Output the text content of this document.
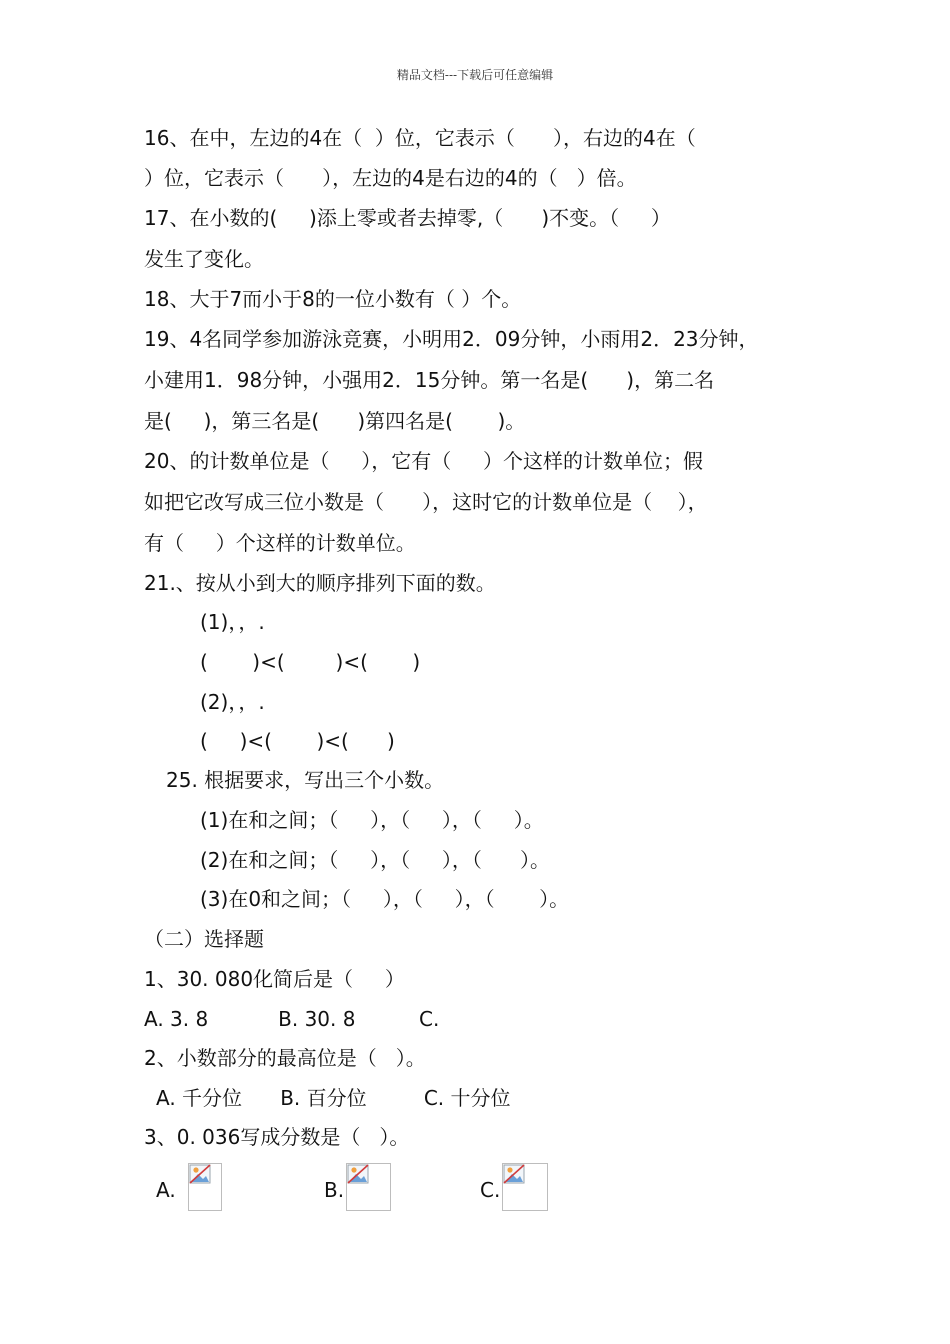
精品文档---下载后可任意编辑
16、在中，左边的4在（  ）位，它表示（      ），右边的4在（
）位，它表示（      ），左边的4是右边的4的（   ）倍。
17、在小数的(     )添上零或者去掉零,（      )不变。（     ）
发生了变化。
18、大于7而小于8的一位小数有（ ）个。
19、4名同学参加游泳竞赛，小明用2．09分钟，小雨用2．23分钟，
小建用1．98分钟，小强用2．15分钟。第一名是(      )，第二名
是(     )，第三名是(      )第四名是(       )。
20、的计数单位是（     ），它有（     ）个这样的计数单位；假
如把它改写成三位小数是（      ），这时它的计数单位是（    ），
有（     ）个这样的计数单位。
21.、按从小到大的顺序排列下面的数。
(1)，，.
(       )<(        )<(       )
(2)，，.
(     )<(       )<(      )
25. 根据要求，写出三个小数。
(1)在和之间；（     ），（     ），（     ）。
(2)在和之间；（     ），（     ），（      ）。
(3)在0和之间；（     ），（     ），（       ）。
（二）选择题
1、30. 080化简后是（     ）
A. 3. 8           B. 30. 8          C.
2、小数部分的最高位是（   ）。
A. 千分位      B. 百分位         C. 十分位
3、0. 036写成分数是（   ）。
A.	B.	C.
